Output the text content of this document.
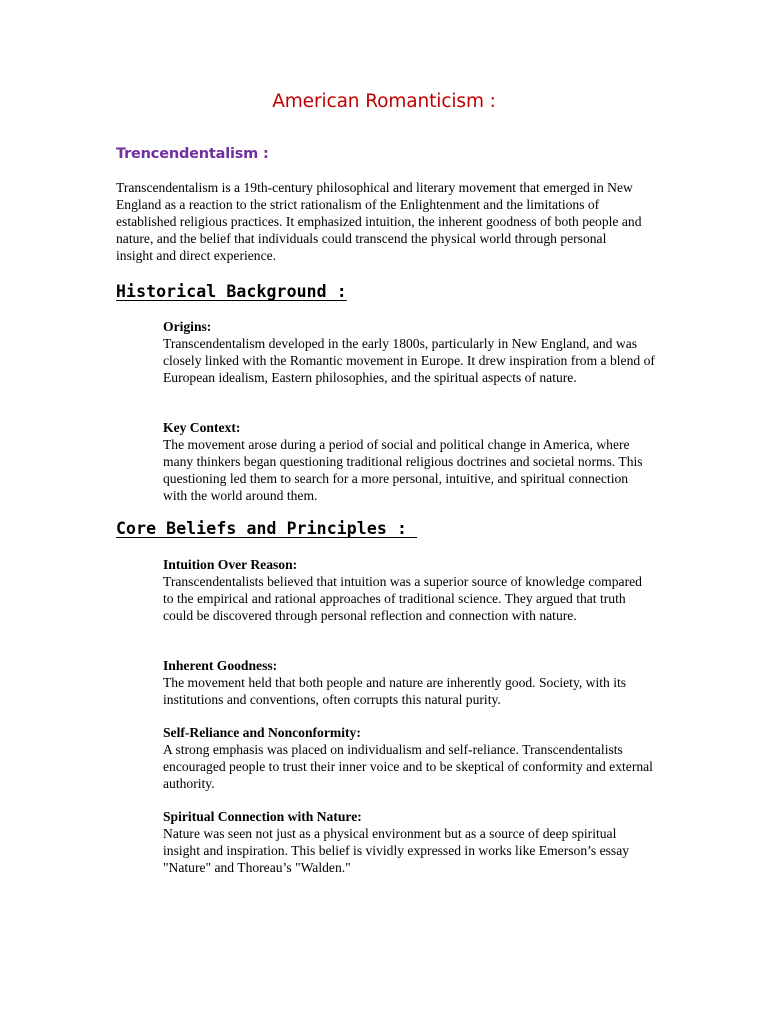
American Romanticism :
Trencendentalism :

Transcendentalism is a 19th-century philosophical and literary movement that emerged in New England as a reaction to the strict rationalism of the Enlightenment and the limitations of established religious practices. It emphasized intuition, the inherent goodness of both people and nature, and the belief that individuals could transcend the physical world through personal insight and direct experience.

Historical Background :
Origins:
Transcendentalism developed in the early 1800s, particularly in New England, and was closely linked with the Romantic movement in Europe. It drew inspiration from a blend of European idealism, Eastern philosophies, and the spiritual aspects of nature.
Key Context:
The movement arose during a period of social and political change in America, where many thinkers began questioning traditional religious doctrines and societal norms. This questioning led them to search for a more personal, intuitive, and spiritual connection with the world around them.
Core Beliefs and Principles :
Intuition Over Reason:
Transcendentalists believed that intuition was a superior source of knowledge compared to the empirical and rational approaches of traditional science. They argued that truth could be discovered through personal reflection and connection with nature.
Inherent Goodness:
The movement held that both people and nature are inherently good. Society, with its institutions and conventions, often corrupts this natural purity.
Self-Reliance and Nonconformity:
A strong emphasis was placed on individualism and self-reliance. Transcendentalists encouraged people to trust their inner voice and to be skeptical of conformity and external authority.
Spiritual Connection with Nature:
Nature was seen not just as a physical environment but as a source of deep spiritual insight and inspiration. This belief is vividly expressed in works like Emerson’s essay "Nature" and Thoreau’s "Walden."
